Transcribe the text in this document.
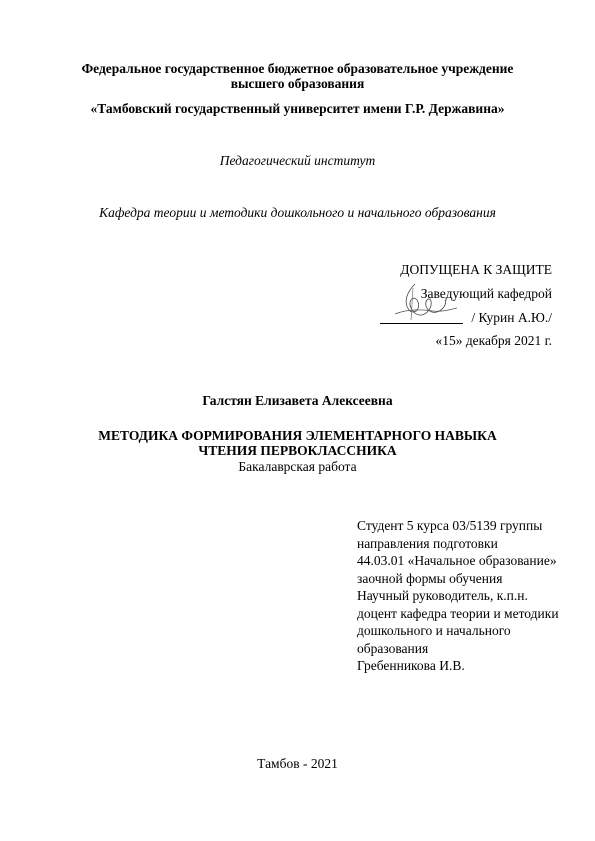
Федеральное государственное бюджетное образовательное учреждение
высшего образования
«Тамбовский государственный университет имени Г.Р. Державина»
Педагогический институт
Кафедра теории и методики дошкольного и начального образования
ДОПУЩЕНА К ЗАЩИТЕ
Заведующий кафедрой
/ Курин А.Ю./
«15» декабря 2021 г.
Галстян Елизавета Алексеевна
МЕТОДИКА ФОРМИРОВАНИЯ ЭЛЕМЕНТАРНОГО НАВЫКА
ЧТЕНИЯ ПЕРВОКЛАССНИКА
Бакалаврская работа
Студент 5 курса 03/5139 группы
направления подготовки
44.03.01 «Начальное образование»
заочной формы обучения
Научный руководитель, к.п.н.
доцент кафедра теории и методики
дошкольного и начального
образования
Гребенникова И.В.
Тамбов - 2021
